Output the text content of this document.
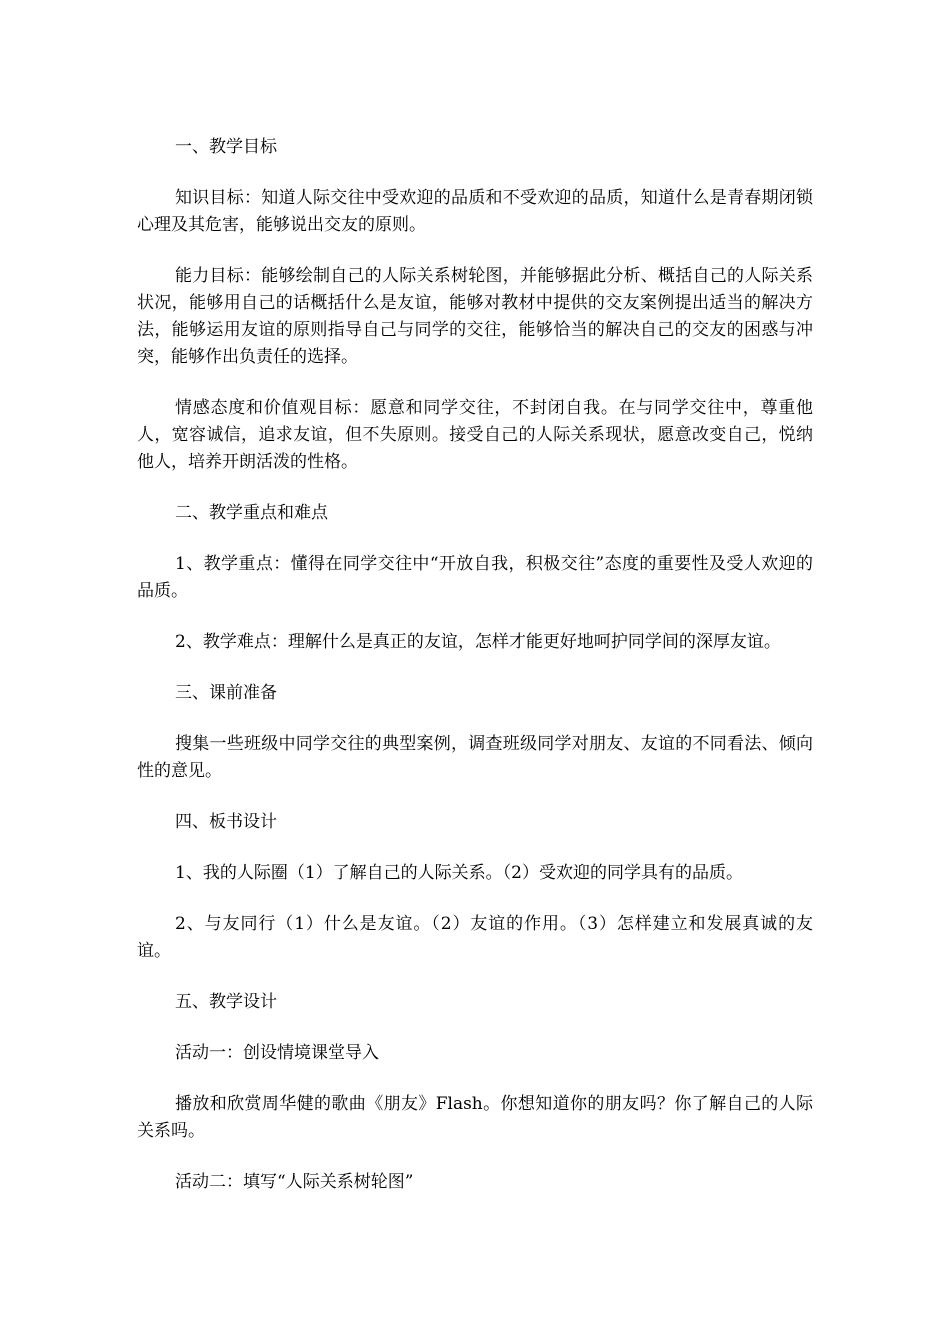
一、教学目标

知识目标：知道人际交往中受欢迎的品质和不受欢迎的品质，知道什么是青春期闭锁心理及其危害，能够说出交友的原则。

能力目标：能够绘制自己的人际关系树轮图，并能够据此分析、概括自己的人际关系状况，能够用自己的话概括什么是友谊，能够对教材中提供的交友案例提出适当的解决方法，能够运用友谊的原则指导自己与同学的交往，能够恰当的解决自己的交友的困惑与冲突，能够作出负责任的选择。

情感态度和价值观目标：愿意和同学交往，不封闭自我。在与同学交往中，尊重他人，宽容诚信，追求友谊，但不失原则。接受自己的人际关系现状，愿意改变自己，悦纳他人，培养开朗活泼的性格。

二、教学重点和难点

1、教学重点：懂得在同学交往中“开放自我，积极交往”态度的重要性及受人欢迎的品质。

2、教学难点：理解什么是真正的友谊，怎样才能更好地呵护同学间的深厚友谊。

三、课前准备

搜集一些班级中同学交往的典型案例，调查班级同学对朋友、友谊的不同看法、倾向性的意见。

四、板书设计

1、我的人际圈（1）了解自己的人际关系。（2）受欢迎的同学具有的品质。

2、与友同行（1）什么是友谊。（2）友谊的作用。（3）怎样建立和发展真诚的友谊。

五、教学设计

活动一：创设情境课堂导入

播放和欣赏周华健的歌曲《朋友》Flash。你想知道你的朋友吗？你了解自己的人际关系吗。

活动二：填写“人际关系树轮图”
